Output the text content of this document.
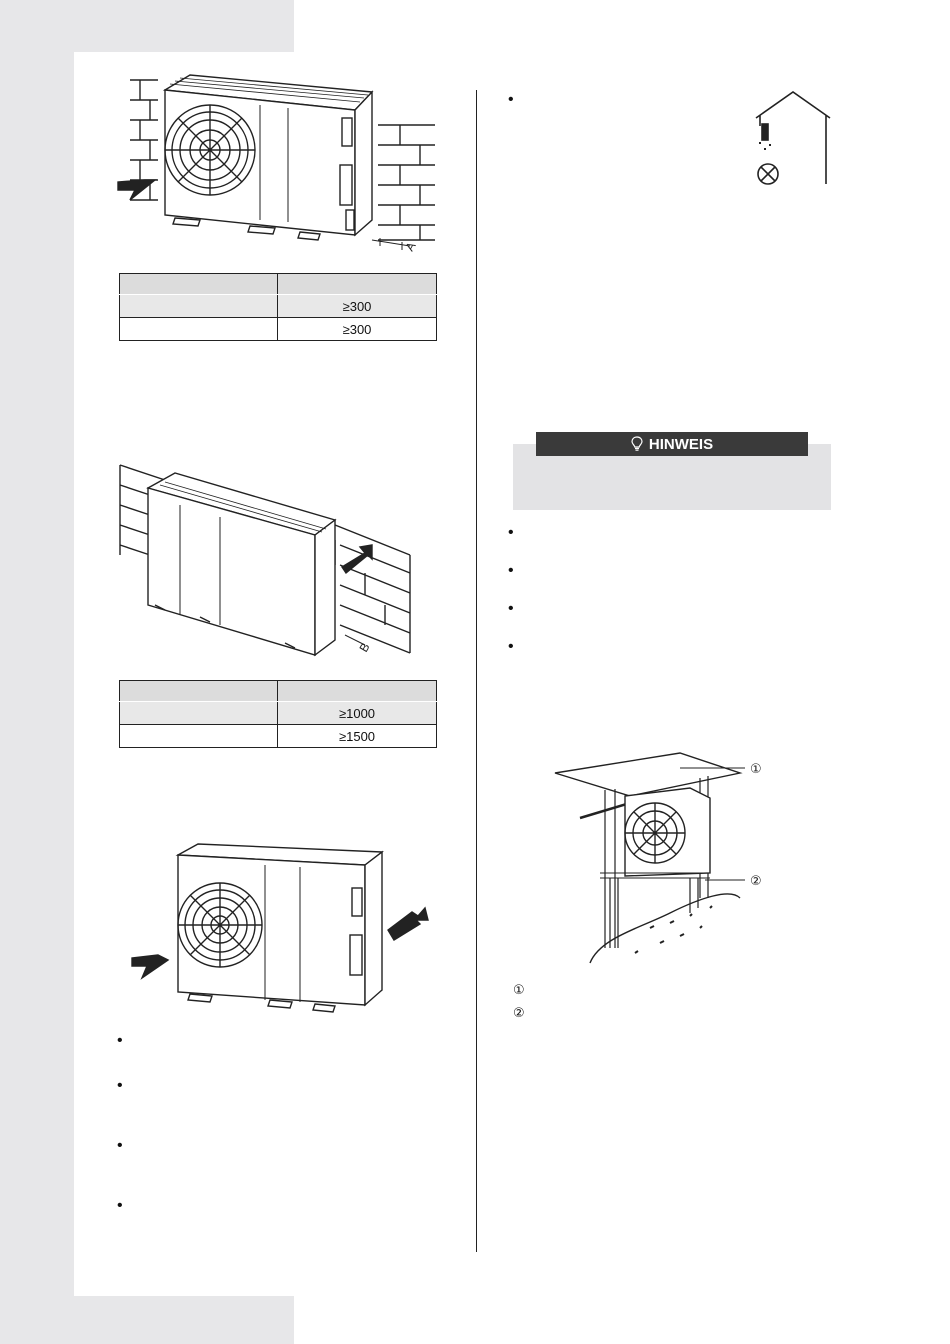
A

	≥300
	≥300
B

	≥1000
	≥1500
•
•
•
•
•
HINWEIS
•
•
•
•
①
②
①
②
